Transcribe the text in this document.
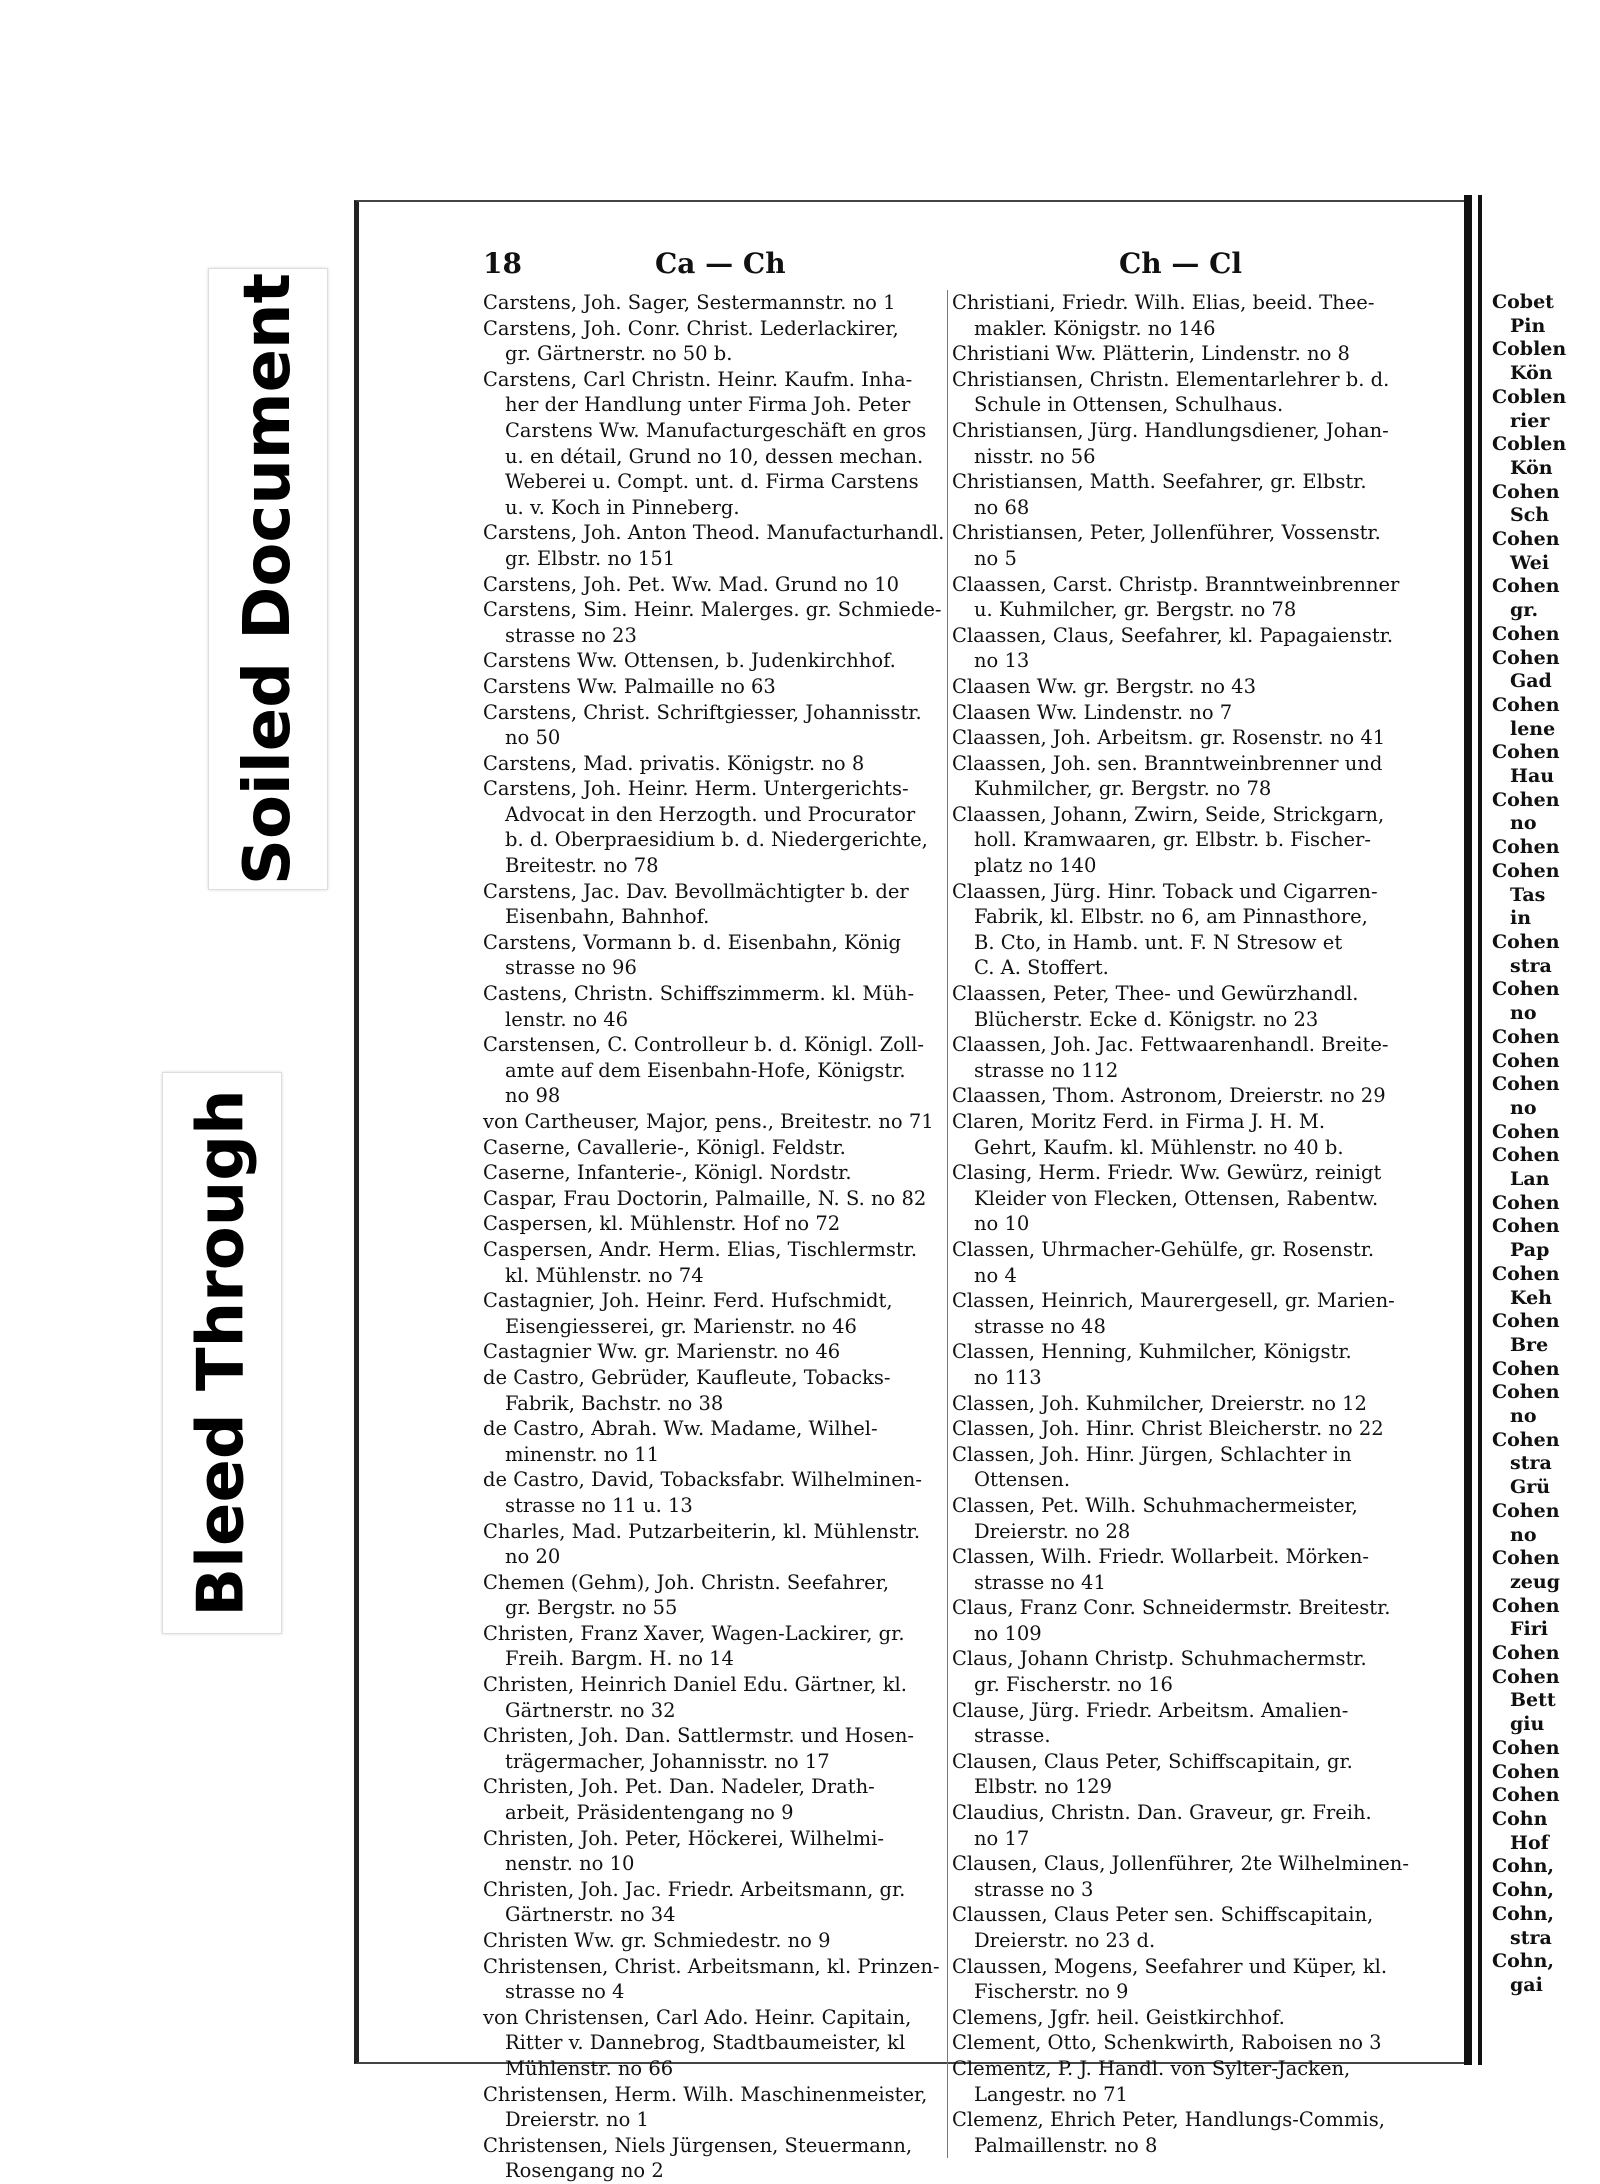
Soiled Document
Bleed Through
18	Ca — Ch	Ch — Cl
Carstens, Joh. Sager, Sestermannstr. no 1
Carstens, Joh. Conr. Christ. Lederlackirer,
gr. Gärtnerstr. no 50 b.
Carstens, Carl Christn. Heinr. Kaufm. Inha-
her der Handlung unter Firma Joh. Peter
Carstens Ww. Manufacturgeschäft en gros
u. en détail, Grund no 10, dessen mechan.
Weberei u. Compt. unt. d. Firma Carstens
u. v. Koch in Pinneberg.
Carstens, Joh. Anton Theod. Manufacturhandl.
gr. Elbstr. no 151
Carstens, Joh. Pet. Ww. Mad. Grund no 10
Carstens, Sim. Heinr. Malerges. gr. Schmiede-
strasse no 23
Carstens Ww. Ottensen, b. Judenkirchhof.
Carstens Ww. Palmaille no 63
Carstens, Christ. Schriftgiesser, Johannisstr.
no 50
Carstens, Mad. privatis. Königstr. no 8
Carstens, Joh. Heinr. Herm. Untergerichts-
Advocat in den Herzogth. und Procurator
b. d. Oberpraesidium b. d. Niedergerichte,
Breitestr. no 78
Carstens, Jac. Dav. Bevollmächtigter b. der
Eisenbahn, Bahnhof.
Carstens, Vormann b. d. Eisenbahn, König
strasse no 96
Castens, Christn. Schiffszimmerm. kl. Müh-
lenstr. no 46
Carstensen, C. Controlleur b. d. Königl. Zoll-
amte auf dem Eisenbahn-Hofe, Königstr.
no 98
von Cartheuser, Major, pens., Breitestr. no 71
Caserne, Cavallerie-, Königl. Feldstr.
Caserne, Infanterie-, Königl. Nordstr.
Caspar, Frau Doctorin, Palmaille, N. S. no 82
Caspersen, kl. Mühlenstr. Hof no 72
Caspersen, Andr. Herm. Elias, Tischlermstr.
kl. Mühlenstr. no 74
Castagnier, Joh. Heinr. Ferd. Hufschmidt,
Eisengiesserei, gr. Marienstr. no 46
Castagnier Ww. gr. Marienstr. no 46
de Castro, Gebrüder, Kaufleute, Tobacks-
Fabrik, Bachstr. no 38
de Castro, Abrah. Ww. Madame, Wilhel-
minenstr. no 11
de Castro, David, Tobacksfabr. Wilhelminen-
strasse no 11 u. 13
Charles, Mad. Putzarbeiterin, kl. Mühlenstr.
no 20
Chemen (Gehm), Joh. Christn. Seefahrer,
gr. Bergstr. no 55
Christen, Franz Xaver, Wagen-Lackirer, gr.
Freih. Bargm. H. no 14
Christen, Heinrich Daniel Edu. Gärtner, kl.
Gärtnerstr. no 32
Christen, Joh. Dan. Sattlermstr. und Hosen-
trägermacher, Johannisstr. no 17
Christen, Joh. Pet. Dan. Nadeler, Drath-
arbeit, Präsidentengang no 9
Christen, Joh. Peter, Höckerei, Wilhelmi-
nenstr. no 10
Christen, Joh. Jac. Friedr. Arbeitsmann, gr.
Gärtnerstr. no 34
Christen Ww. gr. Schmiedestr. no 9
Christensen, Christ. Arbeitsmann, kl. Prinzen-
strasse no 4
von Christensen, Carl Ado. Heinr. Capitain,
Ritter v. Dannebrog, Stadtbaumeister, kl
Mühlenstr. no 66
Christensen, Herm. Wilh. Maschinenmeister,
Dreierstr. no 1
Christensen, Niels Jürgensen, Steuermann,
Rosengang no 2
Christiani, Friedr. Wilh. Elias, beeid. Thee-
makler. Königstr. no 146
Christiani Ww. Plätterin, Lindenstr. no 8
Christiansen, Christn. Elementarlehrer b. d.
Schule in Ottensen, Schulhaus.
Christiansen, Jürg. Handlungsdiener, Johan-
nisstr. no 56
Christiansen, Matth. Seefahrer, gr. Elbstr.
no 68
Christiansen, Peter, Jollenführer, Vossenstr.
no 5
Claassen, Carst. Christp. Branntweinbrenner
u. Kuhmilcher, gr. Bergstr. no 78
Claassen, Claus, Seefahrer, kl. Papagaienstr.
no 13
Claasen Ww. gr. Bergstr. no 43
Claasen Ww. Lindenstr. no 7
Claassen, Joh. Arbeitsm. gr. Rosenstr. no 41
Claassen, Joh. sen. Branntweinbrenner und
Kuhmilcher, gr. Bergstr. no 78
Claassen, Johann, Zwirn, Seide, Strickgarn,
holl. Kramwaaren, gr. Elbstr. b. Fischer-
platz no 140
Claassen, Jürg. Hinr. Toback und Cigarren-
Fabrik, kl. Elbstr. no 6, am Pinnasthore,
B. Cto, in Hamb. unt. F. N Stresow et
C. A. Stoffert.
Claassen, Peter, Thee- und Gewürzhandl.
Blücherstr. Ecke d. Königstr. no 23
Claassen, Joh. Jac. Fettwaarenhandl. Breite-
strasse no 112
Claassen, Thom. Astronom, Dreierstr. no 29
Claren, Moritz Ferd. in Firma J. H. M.
Gehrt, Kaufm. kl. Mühlenstr. no 40 b.
Clasing, Herm. Friedr. Ww. Gewürz, reinigt
Kleider von Flecken, Ottensen, Rabentw.
no 10
Classen, Uhrmacher-Gehülfe, gr. Rosenstr.
no 4
Classen, Heinrich, Maurergesell, gr. Marien-
strasse no 48
Classen, Henning, Kuhmilcher, Königstr.
no 113
Classen, Joh. Kuhmilcher, Dreierstr. no 12
Classen, Joh. Hinr. Christ Bleicherstr. no 22
Classen, Joh. Hinr. Jürgen, Schlachter in
Ottensen.
Classen, Pet. Wilh. Schuhmachermeister,
Dreierstr. no 28
Classen, Wilh. Friedr. Wollarbeit. Mörken-
strasse no 41
Claus, Franz Conr. Schneidermstr. Breitestr.
no 109
Claus, Johann Christp. Schuhmachermstr.
gr. Fischerstr. no 16
Clause, Jürg. Friedr. Arbeitsm. Amalien-
strasse.
Clausen, Claus Peter, Schiffscapitain, gr.
Elbstr. no 129
Claudius, Christn. Dan. Graveur, gr. Freih.
no 17
Clausen, Claus, Jollenführer, 2te Wilhelminen-
strasse no 3
Claussen, Claus Peter sen. Schiffscapitain,
Dreierstr. no 23 d.
Claussen, Mogens, Seefahrer und Küper, kl.
Fischerstr. no 9
Clemens, Jgfr. heil. Geistkirchhof.
Clement, Otto, Schenkwirth, Raboisen no 3
Clementz, P. J. Handl. von Sylter-Jacken,
Langestr. no 71
Clemenz, Ehrich Peter, Handlungs-Commis,
Palmaillenstr. no 8
Cobet
Pin
Coblen
Kön
Coblen
rier
Coblen
Kön
Cohen
Sch
Cohen
Wei
Cohen
gr.
Cohen
Cohen
Gad
Cohen
lene
Cohen
Hau
Cohen
no
Cohen
Cohen
Tas
in
Cohen
stra
Cohen
no
Cohen
Cohen
Cohen
no
Cohen
Cohen
Lan
Cohen
Cohen
Pap
Cohen
Keh
Cohen
Bre
Cohen
Cohen
no
Cohen
stra
Grü
Cohen
no
Cohen
zeug
Cohen
Firi
Cohen
Cohen
Bett
giu
Cohen
Cohen
Cohen
Cohn
Hof
Cohn,
Cohn,
Cohn,
stra
Cohn,
gai
